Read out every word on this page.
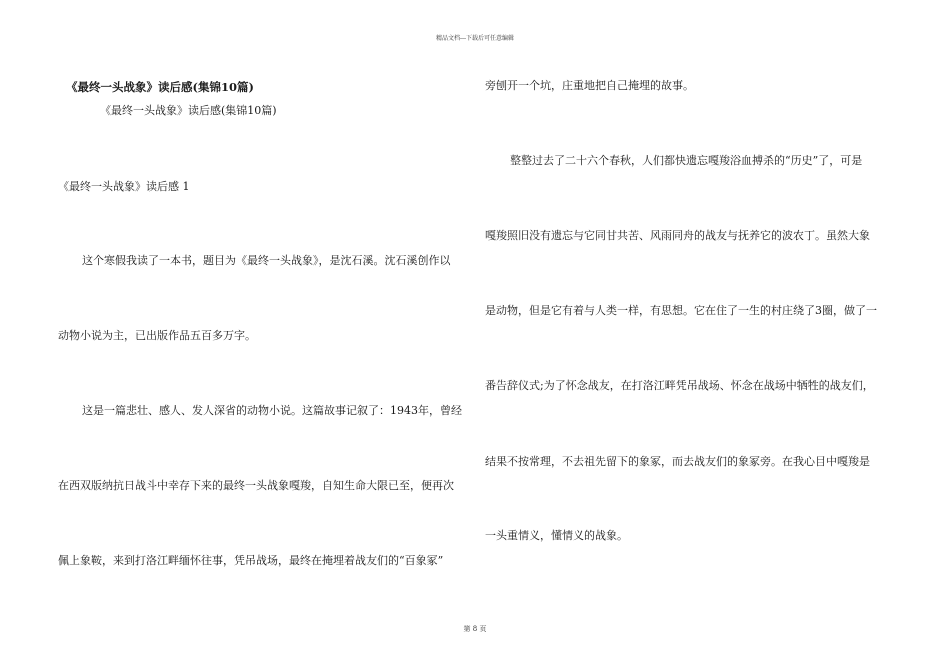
精品文档---下载后可任意编辑
《最终一头战象》读后感(集锦10篇)
《最终一头战象》读后感(集锦10篇)
《最终一头战象》读后感 1
这个寒假我读了一本书，题目为《最终一头战象》，是沈石溪。沈石溪创作以
动物小说为主，已出版作品五百多万字。
这是一篇悲壮、感人、发人深省的动物小说。这篇故事记叙了：1943年，曾经
在西双版纳抗日战斗中幸存下来的最终一头战象嘎羧，自知生命大限已至，便再次
佩上象鞍，来到打洛江畔缅怀往事，凭吊战场，最终在掩埋着战友们的“百象冢”
旁刨开一个坑，庄重地把自己掩埋的故事。
整整过去了二十六个春秋，人们都快遗忘嘎羧浴血搏杀的“历史”了，可是
嘎羧照旧没有遗忘与它同甘共苦、风雨同舟的战友与抚养它的波农丁。虽然大象
是动物，但是它有着与人类一样，有思想。它在住了一生的村庄绕了3圈，做了一
番告辞仪式;为了怀念战友，在打洛江畔凭吊战场、怀念在战场中牺牲的战友们，
结果不按常理，不去祖先留下的象冢，而去战友们的象冢旁。在我心目中嘎羧是
一头重情义，懂情义的战象。
第 8 页
